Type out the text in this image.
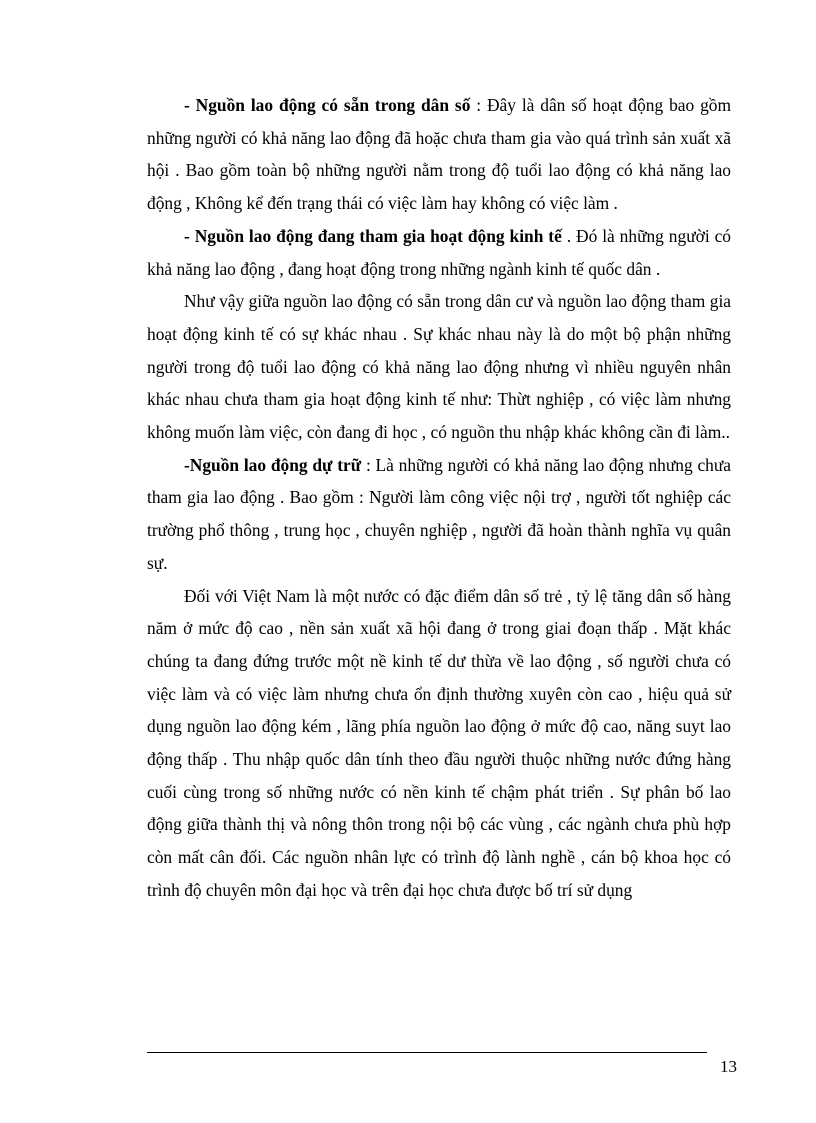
- Nguồn lao động có sẵn trong dân số : Đây là dân số hoạt động bao gồm những người có khả năng lao động đã hoặc chưa tham gia vào quá trình sản xuất xã hội . Bao gồm toàn bộ những người nằm trong độ tuổi lao động có khả năng lao động , Không kể đến trạng thái có việc làm hay không có việc làm .

- Nguồn lao động đang tham gia hoạt động kinh tế . Đó là những người có khả năng lao động , đang hoạt động trong những ngành kinh tế quốc dân .

Như vậy giữa nguồn lao động có sẵn trong dân cư và nguồn lao động tham gia hoạt động kinh tế có sự khác nhau . Sự khác nhau này là do một bộ phận những người trong độ tuổi lao động có khả năng lao động nhưng vì nhiều nguyên nhân khác nhau chưa tham gia hoạt động kinh tế như: Thừt nghiệp , có việc làm nhưng không muốn làm việc, còn đang đi học , có nguồn thu nhập khác không cần đi làm..

-Nguồn lao động dự trữ : Là những người có khả năng lao động nhưng chưa tham gia lao động . Bao gồm : Người làm công việc nội trợ , người tốt nghiệp các trường phổ thông , trung học , chuyên nghiệp , người đã hoàn thành nghĩa vụ quân sự.

Đối với Việt Nam là một nước có đặc điểm dân số trẻ , tỷ lệ tăng dân số hàng năm ở mức độ cao , nền sản xuất xã hội đang ở trong giai đoạn thấp . Mặt khác chúng ta đang đứng trước một nề kinh tế dư thừa về lao động , số người chưa có việc làm và có việc làm nhưng chưa ổn định thường xuyên còn cao , hiệu quả sử dụng nguồn lao động kém , lãng phía nguồn lao động ở mức độ cao, năng suyt lao động thấp . Thu nhập quốc dân tính theo đầu người thuộc những nước đứng hàng cuối cùng trong số những nước có nền kinh tế chậm phát triển . Sự phân bố lao động giữa thành thị và nông thôn trong nội bộ các vùng , các ngành chưa phù hợp còn mất cân đối. Các nguồn nhân lực có trình độ lành nghề , cán bộ khoa học có trình độ chuyên môn đại học và trên đại học chưa được bố trí sử dụng

13
